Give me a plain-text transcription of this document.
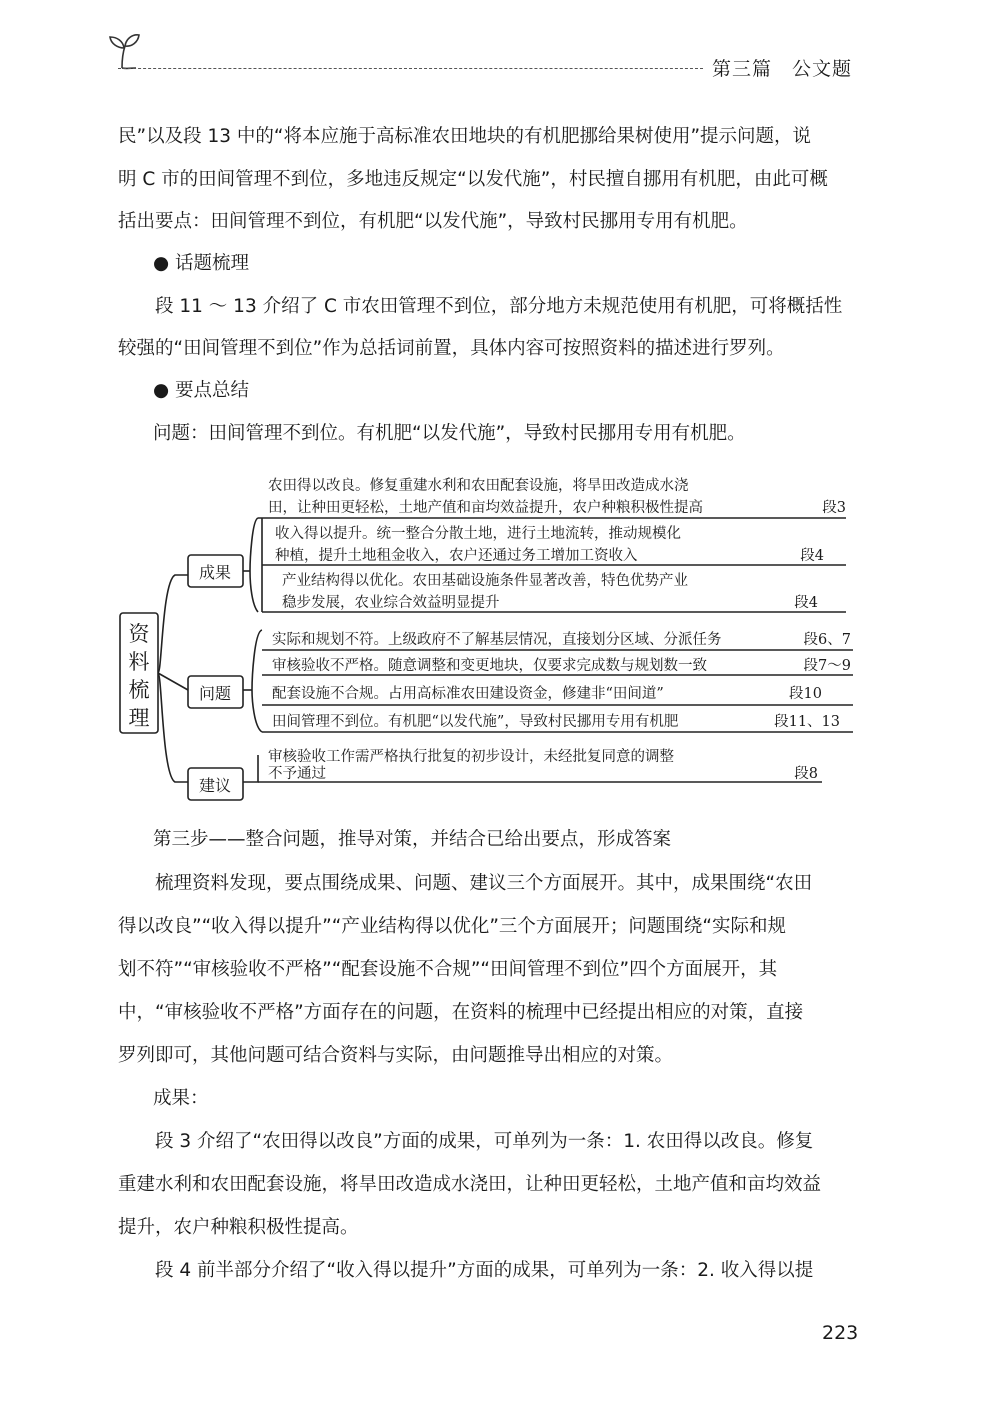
第三篇　公文题
民”以及段 13 中的“将本应施于高标准农田地块的有机肥挪给果树使用”提示问题，说
明 C 市的田间管理不到位，多地违反规定“以发代施”，村民擅自挪用有机肥，由此可概
括出要点：田间管理不到位，有机肥“以发代施”，导致村民挪用专用有机肥。
● 话题梳理
段 11 ～ 13 介绍了 C 市农田管理不到位，部分地方未规范使用有机肥，可将概括性
较强的“田间管理不到位”作为总括词前置，具体内容可按照资料的描述进行罗列。
● 要点总结
问题：田间管理不到位。有机肥“以发代施”，导致村民挪用专用有机肥。
资
料
梳
理
成果
问题
建议
农田得以改良。修复重建水利和农田配套设施，将旱田改造成水浇
田，让种田更轻松，土地产值和亩均效益提升，农户种粮积极性提高	段3
收入得以提升。统一整合分散土地，进行土地流转，推动规模化
种植，提升土地租金收入，农户还通过务工增加工资收入	段4
产业结构得以优化。农田基础设施条件显著改善，特色优势产业
稳步发展，农业综合效益明显提升	段4
实际和规划不符。上级政府不了解基层情况，直接划分区域、分派任务	段6、7
审核验收不严格。随意调整和变更地块，仅要求完成数与规划数一致	段7～9
配套设施不合规。占用高标准农田建设资金，修建非“田间道”	段10
田间管理不到位。有机肥“以发代施”，导致村民挪用专用有机肥	段11、13
审核验收工作需严格执行批复的初步设计，未经批复同意的调整
不予通过	段8
第三步——整合问题，推导对策，并结合已给出要点，形成答案
梳理资料发现，要点围绕成果、问题、建议三个方面展开。其中，成果围绕“农田
得以改良”“收入得以提升”“产业结构得以优化”三个方面展开；问题围绕“实际和规
划不符”“审核验收不严格”“配套设施不合规”“田间管理不到位”四个方面展开，其
中，“审核验收不严格”方面存在的问题，在资料的梳理中已经提出相应的对策，直接
罗列即可，其他问题可结合资料与实际，由问题推导出相应的对策。
成果：
段 3 介绍了“农田得以改良”方面的成果，可单列为一条：1. 农田得以改良。修复
重建水利和农田配套设施，将旱田改造成水浇田，让种田更轻松，土地产值和亩均效益
提升，农户种粮积极性提高。
段 4 前半部分介绍了“收入得以提升”方面的成果，可单列为一条：2. 收入得以提
223
